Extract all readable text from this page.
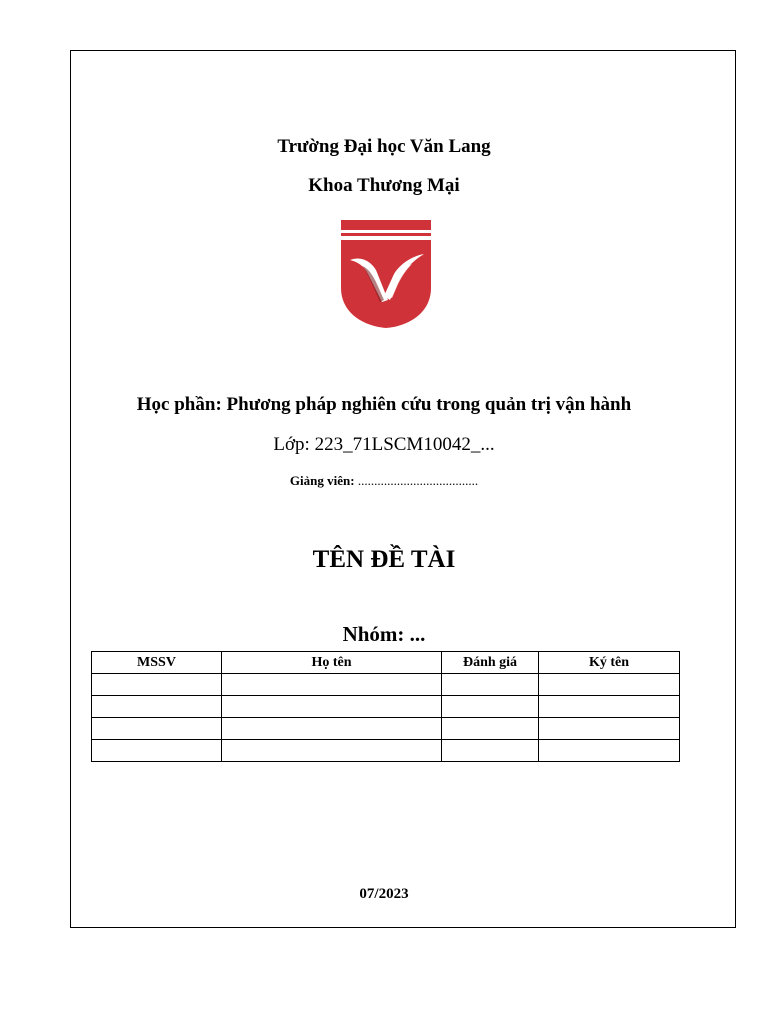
Trường Đại học Văn Lang
Khoa Thương Mại
Học phần: Phương pháp nghiên cứu trong quản trị vận hành
Lớp: 223_71LSCM10042_...
Giảng viên: .....................................
TÊN ĐỀ TÀI
Nhóm: ...
MSSV	Họ tên	Đánh giá	Ký tên

07/2023
